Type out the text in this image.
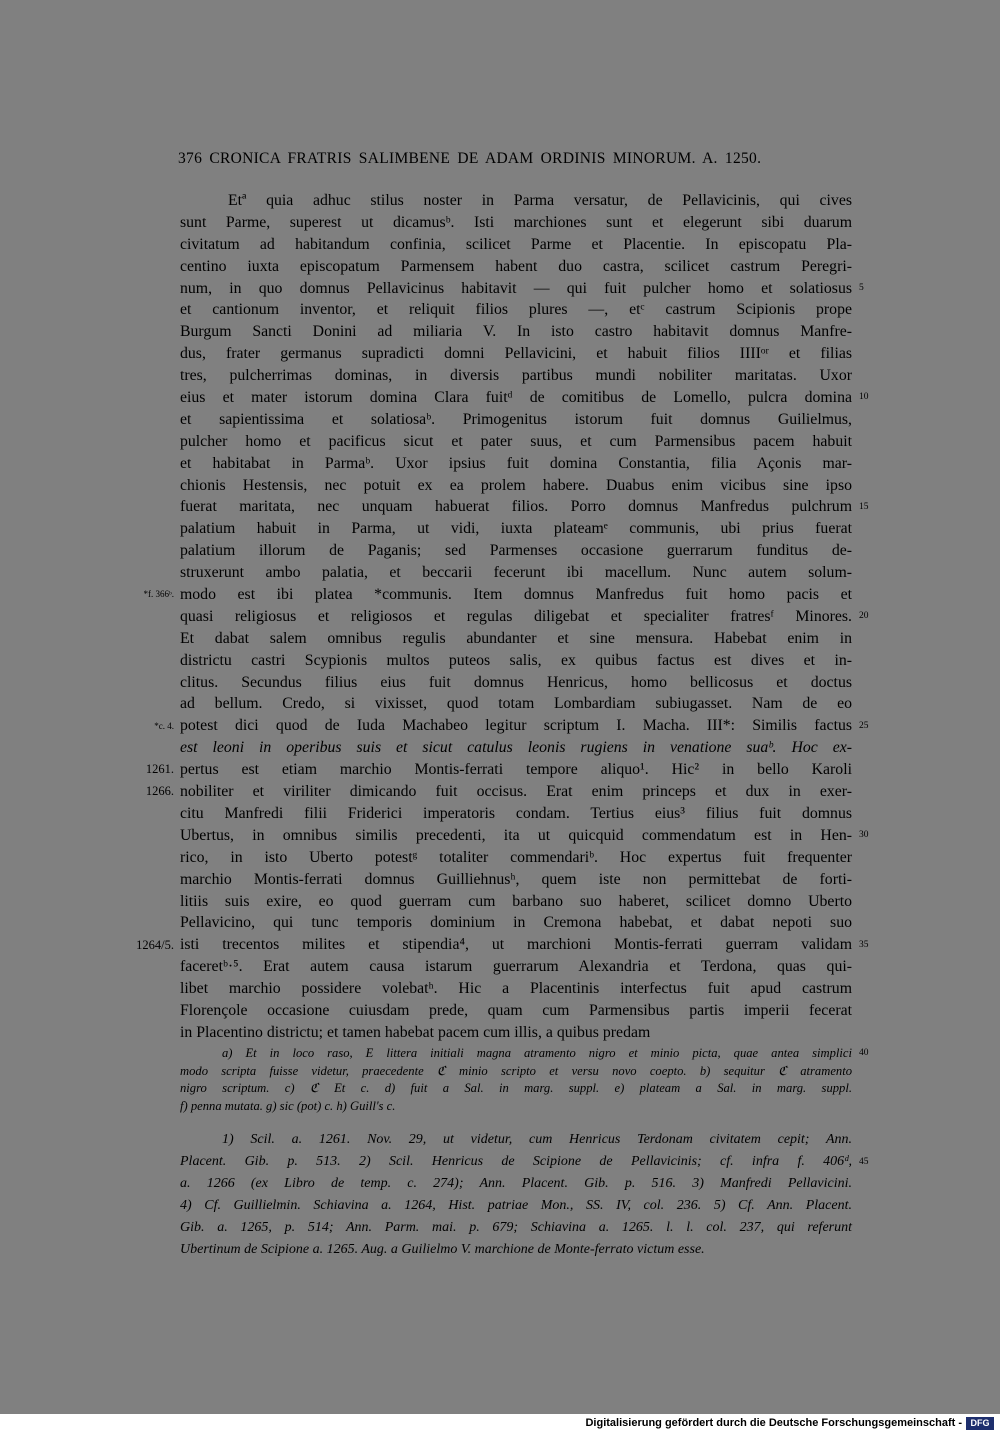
376 CRONICA FRATRIS SALIMBENE DE ADAM ORDINIS MINORUM. A. 1250.
Etª quia adhuc stilus noster in Parma versatur, de Pellavicinis, qui cives
sunt Parme, superest ut dicamusᵇ. Isti marchiones sunt et elegerunt sibi duarum
civitatum ad habitandum confinia, scilicet Parme et Placentie. In episcopatu Pla-
centino iuxta episcopatum Parmensem habent duo castra, scilicet castrum Peregri-
num, in quo domnus Pellavicinus habitavit — qui fuit pulcher homo et solatiosus
et cantionum inventor, et reliquit filios plures —, etᶜ castrum Scipionis prope
Burgum Sancti Donini ad miliaria V. In isto castro habitavit domnus Manfre-
dus, frater germanus supradicti domni Pellavicini, et habuit filios IIIIᵒʳ et filias
tres, pulcherrimas dominas, in diversis partibus mundi nobiliter maritatas. Uxor
eius et mater istorum domina Clara fuitᵈ de comitibus de Lomello, pulcra domina
et sapientissima et solatiosaᵇ. Primogenitus istorum fuit domnus Guilielmus,
pulcher homo et pacificus sicut et pater suus, et cum Parmensibus pacem habuit
et habitabat in Parmaᵇ. Uxor ipsius fuit domina Constantia, filia Açonis mar-
chionis Hestensis, nec potuit ex ea prolem habere. Duabus enim vicibus sine ipso
fuerat maritata, nec unquam habuerat filios. Porro domnus Manfredus pulchrum
palatium habuit in Parma, ut vidi, iuxta plateamᵉ communis, ubi prius fuerat
palatium illorum de Paganis; sed Parmenses occasione guerrarum funditus de-
struxerunt ambo palatia, et beccarii fecerunt ibi macellum. Nunc autem solum-
modo est ibi platea *communis. Item domnus Manfredus fuit homo pacis et
quasi religiosus et religiosos et regulas diligebat et specialiter fratresᶠ Minores.
Et dabat salem omnibus regulis abundanter et sine mensura. Habebat enim in
districtu castri Scypionis multos puteos salis, ex quibus factus est dives et in-
clitus. Secundus filius eius fuit domnus Henricus, homo bellicosus et doctus
ad bellum. Credo, si vixisset, quod totam Lombardiam subiugasset. Nam de eo
potest dici quod de Iuda Machabeo legitur scriptum I. Macha. III*: Similis factus
est leoni in operibus suis et sicut catulus leonis rugiens in venatione suaᵇ. Hoc ex-
pertus est etiam marchio Montis-ferrati tempore aliquo¹. Hic² in bello Karoli
nobiliter et viriliter dimicando fuit occisus. Erat enim princeps et dux in exer-
citu Manfredi filii Friderici imperatoris condam. Tertius eius³ filius fuit domnus
Ubertus, in omnibus similis precedenti, ita ut quicquid commendatum est in Hen-
rico, in isto Uberto potestᵍ totaliter commendariᵇ. Hoc expertus fuit frequenter
marchio Montis-ferrati domnus Guilliehnusʰ, quem iste non permittebat de forti-
litiis suis exire, eo quod guerram cum barbano suo haberet, scilicet domno Uberto
Pellavicino, qui tunc temporis dominium in Cremona habebat, et dabat nepoti suo
isti trecentos milites et stipendia⁴, ut marchioni Montis-ferrati guerram validam
faceretᵇ·⁵. Erat autem causa istarum guerrarum Alexandria et Terdona, quas qui-
libet marchio possidere volebatʰ. Hic a Placentinis interfectus fuit apud castrum
Florençole occasione cuiusdam prede, quam cum Parmensibus partis imperii fecerat
in Placentino districtu; et tamen habebat pacem cum illis, a quibus predam
5
10
15
20
25
30
35
*f. 366ᵇ.
*c. 4.
1261.
1266.
1264/5.
a) Et in loco raso, E littera initiali magna atramento nigro et minio picta, quae antea simplici
modo scripta fuisse videtur, praecedente ℭ minio scripto et versu novo coepto. b) sequitur ℭ atramento
nigro scriptum. c) ℭ Et c. d) fuit a Sal. in marg. suppl. e) plateam a Sal. in marg. suppl.
f) penna mutata. g) sic (pot) c. h) Guill's c.
40
1) Scil. a. 1261. Nov. 29, ut videtur, cum Henricus Terdonam civitatem cepit; Ann.
Placent. Gib. p. 513. 2) Scil. Henricus de Scipione de Pellavicinis; cf. infra f. 406ᵈ,
a. 1266 (ex Libro de temp. c. 274); Ann. Placent. Gib. p. 516. 3) Manfredi Pellavicini.
4) Cf. Guillielmin. Schiavina a. 1264, Hist. patriae Mon., SS. IV, col. 236. 5) Cf. Ann. Placent.
Gib. a. 1265, p. 514; Ann. Parm. mai. p. 679; Schiavina a. 1265. l. l. col. 237, qui referunt
Ubertinum de Scipione a. 1265. Aug. a Guilielmo V. marchione de Monte-ferrato victum esse.
45
Digitalisierung gefördert durch die Deutsche Forschungsgemeinschaft - DFG
